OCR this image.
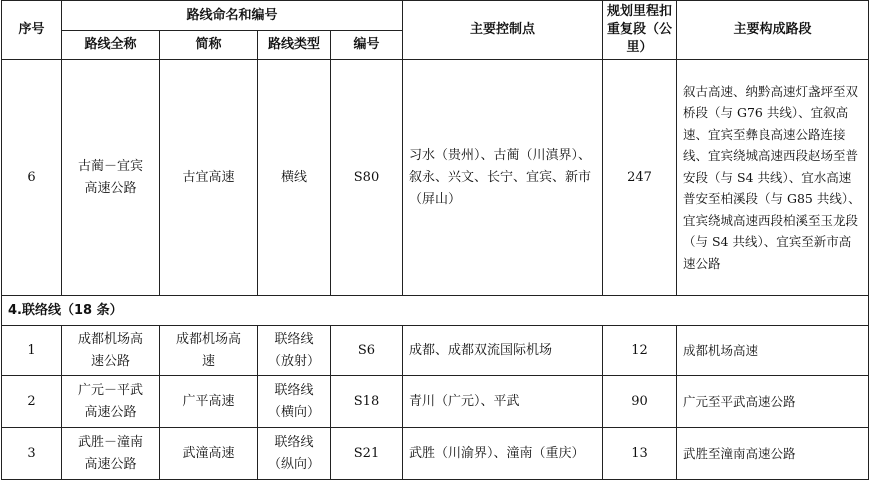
序号	路线命名和编号				主要控制点	规划里程扣重复段（公里）	主要构成路段
	路线全称	简称	路线类型	编号			
6	古蔺－宜宾高速公路	古宜高速	横线	S80	习水（贵州）、古蔺（川滇界）、叙永、兴文、长宁、宜宾、新市（屏山）	247	叙古高速、纳黔高速灯盏坪至双桥段（与 G76 共线）、宜叙高速、宜宾至彝良高速公路连接线、宜宾绕城高速西段赵场至普安段（与 S4 共线）、宜水高速普安至柏溪段（与 G85 共线）、宜宾绕城高速西段柏溪至玉龙段（与 S4 共线）、宜宾至新市高速公路
4.联络线（18 条）							
1	成都机场高速公路	成都机场高速	联络线（放射）	S6	成都、成都双流国际机场	12	成都机场高速
2	广元－平武高速公路	广平高速	联络线（横向）	S18	青川（广元）、平武	90	广元至平武高速公路
3	武胜－潼南高速公路	武潼高速	联络线（纵向）	S21	武胜（川渝界）、潼南（重庆）	13	武胜至潼南高速公路
